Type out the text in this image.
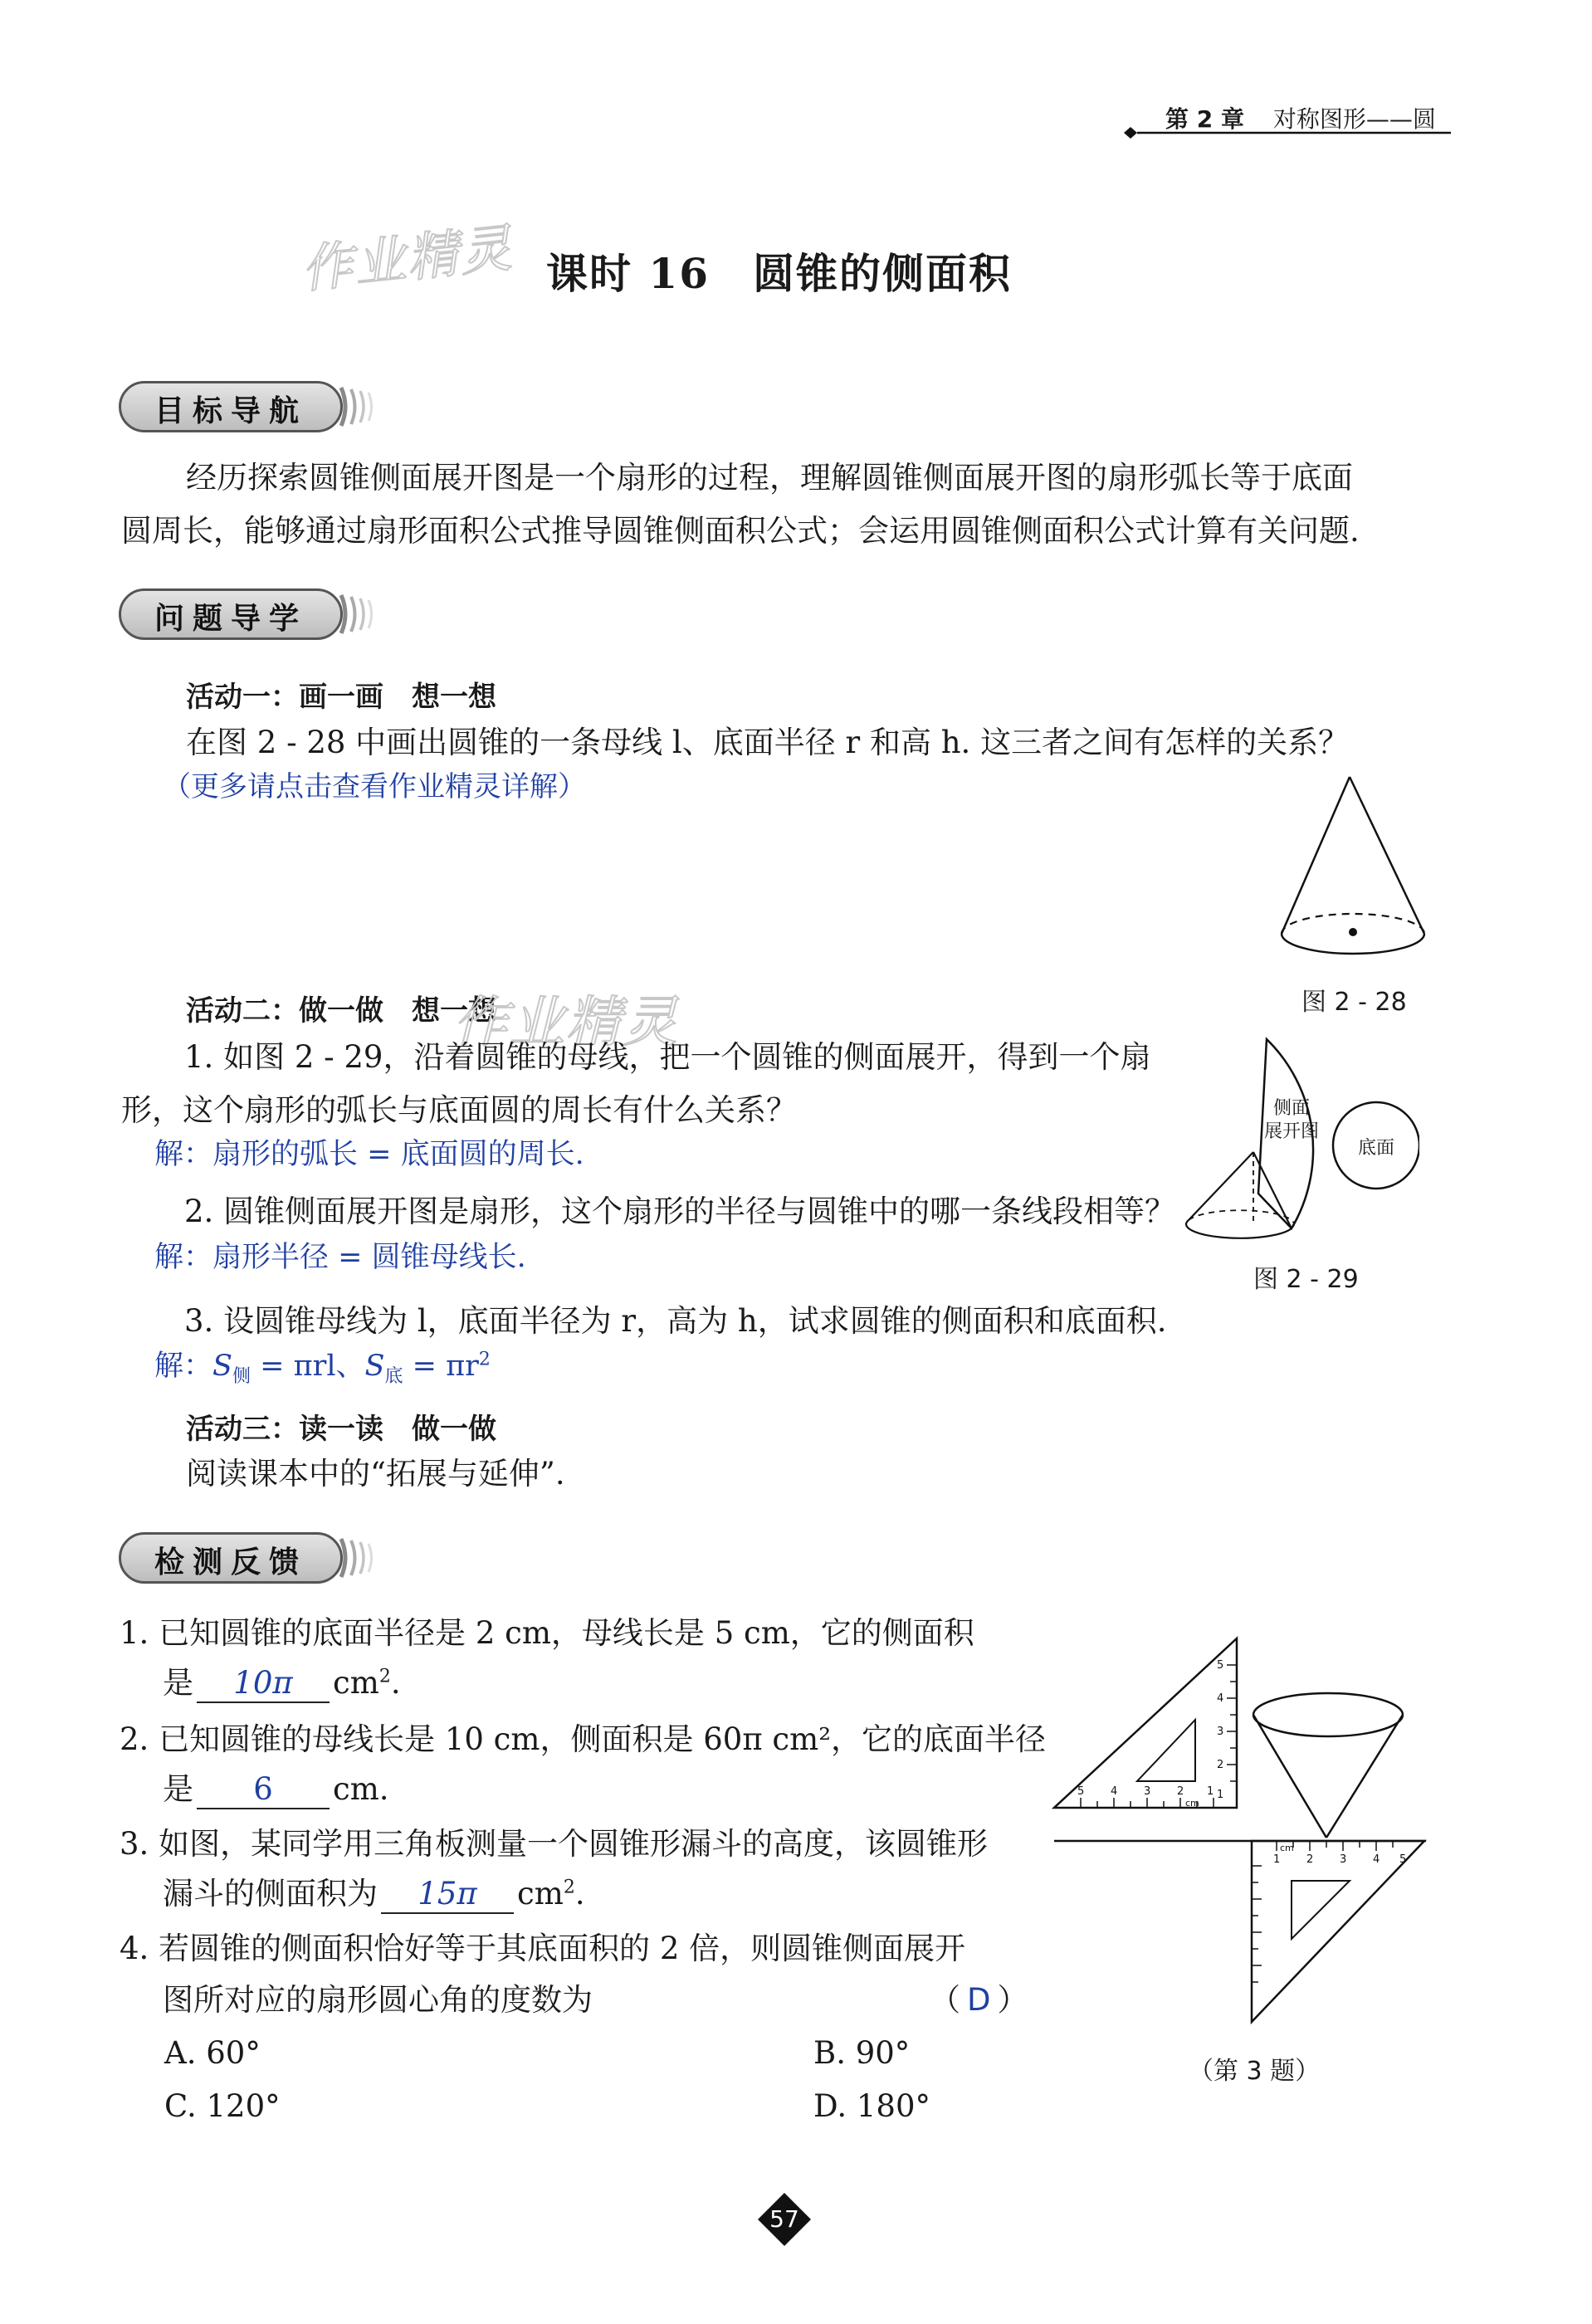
第 2 章 对称图形——圆
作业精灵 课时 16　圆锥的侧面积
目标导航
经历探索圆锥侧面展开图是一个扇形的过程，理解圆锥侧面展开图的扇形弧长等于底面
圆周长，能够通过扇形面积公式推导圆锥侧面积公式；会运用圆锥侧面积公式计算有关问题.
问题导学
活动一：画一画　想一想
在图 2 - 28 中画出圆锥的一条母线 l、底面半径 r 和高 h. 这三者之间有怎样的关系？
（更多请点击查看作业精灵详解）
图 2 - 28
活动二：做一做　想一想
作业精灵
1. 如图 2 - 29，沿着圆锥的母线，把一个圆锥的侧面展开，得到一个扇
形，这个扇形的弧长与底面圆的周长有什么关系？
解：扇形的弧长 = 底面圆的周长.
2. 圆锥侧面展开图是扇形，这个扇形的半径与圆锥中的哪一条线段相等？
解：扇形半径 = 圆锥母线长.
侧面
展开图
底面
图 2 - 29
3. 设圆锥母线为 l，底面半径为 r，高为 h，试求圆锥的侧面积和底面积.
解：$S_侧 = \pi rl$、$S_底 = \pi r^2$
活动三：读一读　做一做
阅读课本中的“拓展与延伸”.
检测反馈
1. 已知圆锥的底面半径是 2 cm，母线长是 5 cm，它的侧面积
是 10π $cm^2$.
2. 已知圆锥的母线长是 10 cm，侧面积是 60π cm²，它的底面半径
是 6 cm.
3. 如图，某同学用三角板测量一个圆锥形漏斗的高度，该圆锥形
漏斗的侧面积为 15π $cm^2$.
4. 若圆锥的侧面积恰好等于其底面积的 2 倍，则圆锥侧面展开
图所对应的扇形圆心角的度数为	（ D ）
A. 60°	B. 90°
C. 120°	D. 180°
5 4 3 2 1
cm
5
4
3
2
1
1 2 3 4 5
cm
（第 3 题）
57
